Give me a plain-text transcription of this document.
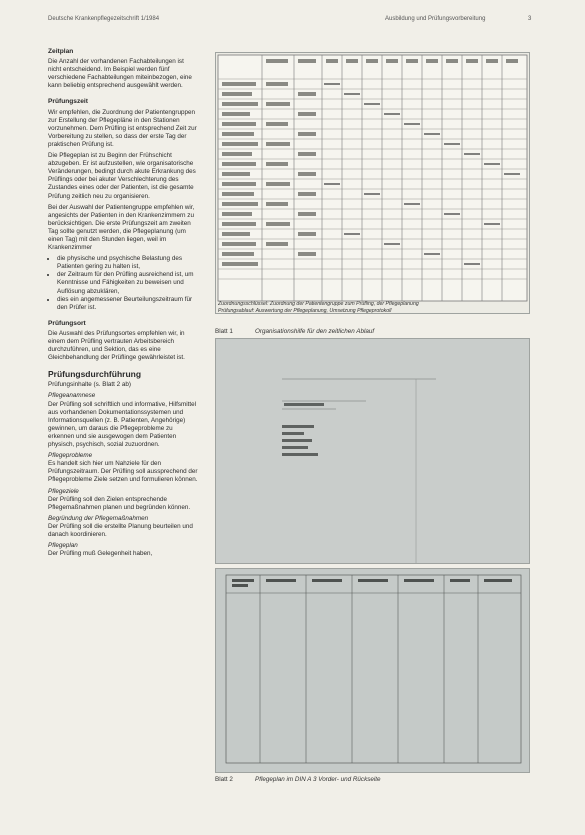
Deutsche Krankenpflegezeitschrift 1/1984	Ausbildung und Prüfungsvorbereitung	3
Zeitplan

Die Anzahl der vorhandenen Fachabteilungen ist nicht entscheidend. Im Beispiel werden fünf verschiedene Fachabteilungen miteinbezogen, eine kann beliebig entsprechend ausgewählt werden.

Prüfungszeit

Wir empfehlen, die Zuordnung der Patientengruppen zur Erstellung der Pflegepläne in den Stationen vorzunehmen. Dem Prüfling ist entsprechend Zeit zur Vorbereitung zu stellen, so dass der erste Tag der praktischen Prüfung ist.

Die Pflegeplan ist zu Beginn der Frühschicht abzugeben. Er ist aufzustellen, wie organisatorische Veränderungen, bedingt durch akute Erkrankung des Prüflings oder bei akuter Verschlechterung des Zustandes eines oder der Patienten, ist die gesamte Prüfung zeitlich neu zu organisieren.

Bei der Auswahl der Patientengruppe empfehlen wir, angesichts der Patienten in den Krankenzimmern zu berücksichtigen. Die erste Prüfungszeit am zweiten Tag sollte genutzt werden, die Pflegeplanung (um einen Tag) mit den Stunden liegen, weil im Krankenzimmer

• die physische und psychische Belastung des Patienten gering zu halten ist,
• der Zeitraum für den Prüfling ausreichend ist, um Kenntnisse und Fähigkeiten zu beweisen und Auflösung abzuklären,
• dies ein angemessener Beurteilungszeitraum für den Prüfer ist.
Prüfungsort

Die Auswahl des Prüfungsortes empfehlen wir, in einem dem Prüfling vertrauten Arbeitsbereich durchzuführen, und Sektion, das es eine Gleichbehandlung der Prüflinge gewährleistet ist.

Prüfungsdurchführung

Prüfungsinhalte (s. Blatt 2 ab)

Pflegeanamnese
Der Prüfling soll schriftlich und informative, Hilfsmittel aus vorhandenen Dokumentationssystemen und Informationsquellen (z. B. Patienten, Angehörige) gewinnen, um daraus die Pflegeprobleme zu erkennen und sie ausgewogen dem Patienten physisch, psychisch, sozial zuzuordnen.
Pflegeprobleme
Es handelt sich hier um Nahziele für den Prüfungszeitraum. Der Prüfling soll aussprechend der Pflegeprobleme Ziele setzen und formulieren können.
Pflegeziele
Der Prüfling soll den Zielen entsprechende Pflegemaßnahmen planen und begründen können.
Begründung der Pflegemaßnahmen
Der Prüfling soll die erstellte Planung beurteilen und danach koordinieren.
Pflegeplan
Der Prüfling muß Gelegenheit haben,
Zuordnungsschlüssel: Zuordnung der Patientengruppe zum Prüfling, der Pflegeplanung
Prüfungsablauf: Auswertung der Pflegeplanung, Umsetzung Pflegeprotokoll
Blatt 1	Organisationshilfe für den zeitlichen Ablauf
Blatt 2	Pflegeplan im DIN A 3 Vorder- und Rückseite
